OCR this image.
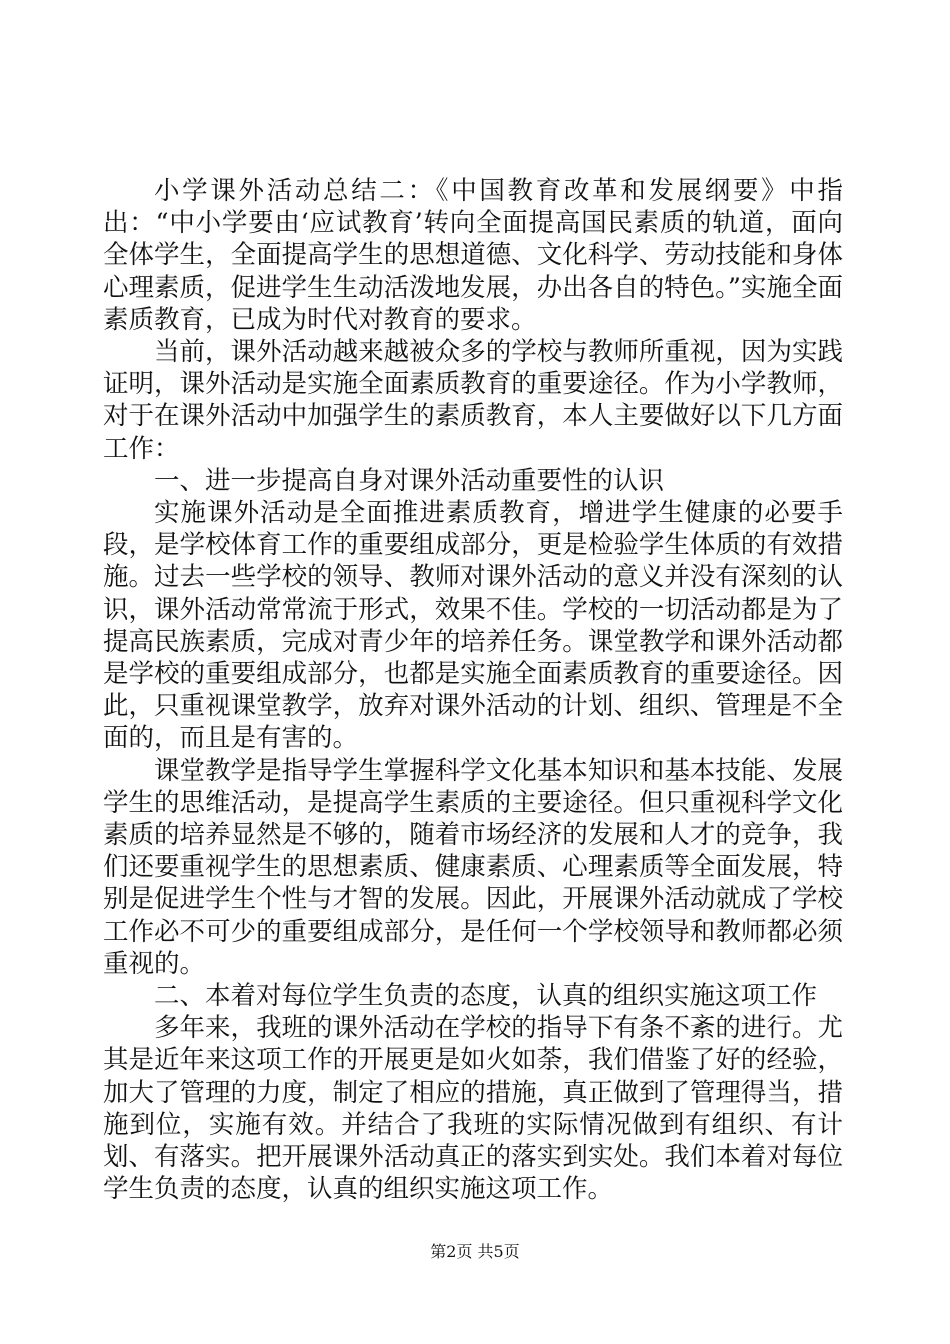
小学课外活动总结二：《中国教育改革和发展纲要》中指出：“中小学要由‘应试教育’转向全面提高国民素质的轨道，面向全体学生，全面提高学生的思想道德、文化科学、劳动技能和身体心理素质，促进学生生动活泼地发展，办出各自的特色。”实施全面素质教育，已成为时代对教育的要求。

当前，课外活动越来越被众多的学校与教师所重视，因为实践证明，课外活动是实施全面素质教育的重要途径。作为小学教师，对于在课外活动中加强学生的素质教育，本人主要做好以下几方面工作：

一、进一步提高自身对课外活动重要性的认识

实施课外活动是全面推进素质教育，增进学生健康的必要手段，是学校体育工作的重要组成部分，更是检验学生体质的有效措施。过去一些学校的领导、教师对课外活动的意义并没有深刻的认识，课外活动常常流于形式，效果不佳。学校的一切活动都是为了提高民族素质，完成对青少年的培养任务。课堂教学和课外活动都是学校的重要组成部分，也都是实施全面素质教育的重要途径。因此，只重视课堂教学，放弃对课外活动的计划、组织、管理是不全面的，而且是有害的。

课堂教学是指导学生掌握科学文化基本知识和基本技能、发展学生的思维活动，是提高学生素质的主要途径。但只重视科学文化素质的培养显然是不够的，随着市场经济的发展和人才的竞争，我们还要重视学生的思想素质、健康素质、心理素质等全面发展，特别是促进学生个性与才智的发展。因此，开展课外活动就成了学校工作必不可少的重要组成部分，是任何一个学校领导和教师都必须重视的。

二、本着对每位学生负责的态度，认真的组织实施这项工作

多年来，我班的课外活动在学校的指导下有条不紊的进行。尤其是近年来这项工作的开展更是如火如荼，我们借鉴了好的经验，加大了管理的力度，制定了相应的措施，真正做到了管理得当，措施到位，实施有效。并结合了我班的实际情况做到有组织、有计划、有落实。把开展课外活动真正的落实到实处。我们本着对每位学生负责的态度，认真的组织实施这项工作。

第2页 共5页
